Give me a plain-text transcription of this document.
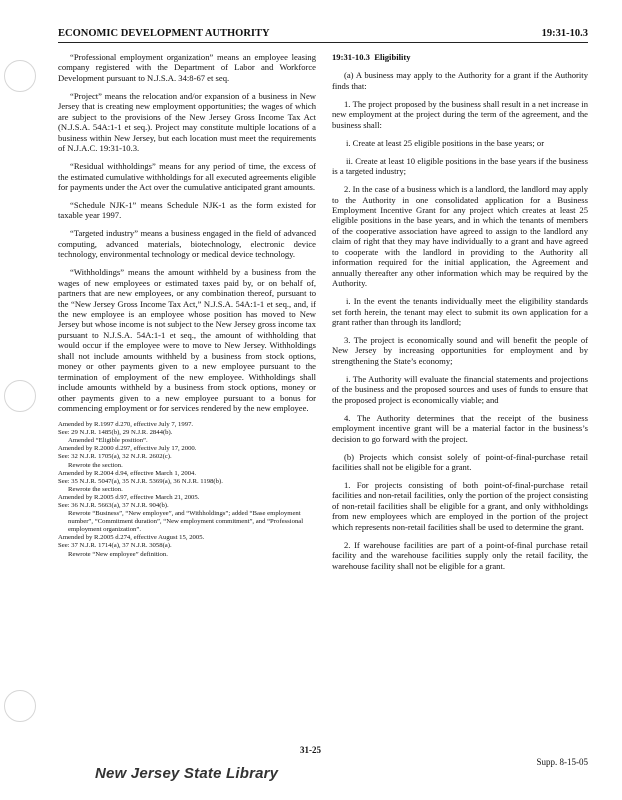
ECONOMIC DEVELOPMENT AUTHORITY	19:31-10.3

“Professional employment organization” means an employee leasing company registered with the Department of Labor and Workforce Development pursuant to N.J.S.A. 34:8-67 et seq.

“Project” means the relocation and/or expansion of a business in New Jersey that is creating new employment opportunities; the wages of which are subject to the provisions of the New Jersey Gross Income Tax Act (N.J.S.A. 54A:1-1 et seq.). Project may constitute multiple locations of a business within New Jersey, but each location must meet the requirements of N.J.A.C. 19:31-10.3.

“Residual withholdings” means for any period of time, the excess of the estimated cumulative withholdings for all executed agreements eligible for payments under the Act over the cumulative anticipated grant amounts.

“Schedule NJK-1” means Schedule NJK-1 as the form existed for taxable year 1997.

“Targeted industry” means a business engaged in the field of advanced computing, advanced materials, biotechnology, electronic device technology, environmental technology or medical device technology.

“Withholdings” means the amount withheld by a business from the wages of new employees or estimated taxes paid by, or on behalf of, partners that are new employees, or any combination thereof, pursuant to the “New Jersey Gross Income Tax Act,” N.J.S.A. 54A:1-1 et seq., and, if the new employee is an employee whose position has moved to New Jersey but whose income is not subject to the New Jersey gross income tax pursuant to N.J.S.A. 54A:1-1 et seq., the amount of withholding that would occur if the employee were to move to New Jersey. Withholdings shall not include amounts withheld by a business from stock options, money or other payments given to a new employee pursuant to the termination of employment of the new employee. Withholdings shall include amounts withheld by a business from stock options, money or other payments given to a new employee pursuant to a bonus for commencing employment or for services rendered by the new employee.

Amended by R.1997 d.270, effective July 7, 1997.
See: 29 N.J.R. 1485(b), 29 N.J.R. 2844(b).
Amended “Eligible position”.
Amended by R.2000 d.297, effective July 17, 2000.
See: 32 N.J.R. 1705(a), 32 N.J.R. 2602(c).
Rewrote the section.
Amended by R.2004 d.94, effective March 1, 2004.
See: 35 N.J.R. 5047(a), 35 N.J.R. 5369(a), 36 N.J.R. 1198(b).
Rewrote the section.
Amended by R.2005 d.97, effective March 21, 2005.
See: 36 N.J.R. 5663(a), 37 N.J.R. 904(b).
Rewrote “Business”, “New employee”, and “Withholdings”; added “Base employment number”, “Commitment duration”, “New employment commitment”, and “Professional employment organization”.
Amended by R.2005 d.274, effective August 15, 2005.
See: 37 N.J.R. 1714(a), 37 N.J.R. 3058(a).
Rewrote “New employee” definition.

19:31-10.3 Eligibility

(a) A business may apply to the Authority for a grant if the Authority finds that:

1. The project proposed by the business shall result in a net increase in new employment at the project during the term of the agreement, and the business shall:

i. Create at least 25 eligible positions in the base years; or

ii. Create at least 10 eligible positions in the base years if the business is a targeted industry;

2. In the case of a business which is a landlord, the landlord may apply to the Authority in one consolidated application for a Business Employment Incentive Grant for any project which creates at least 25 eligible positions in the base years, and in which the tenants of members of the cooperative association have agreed to assign to the landlord any claim of right that they may have individually to a grant and have agreed to cooperate with the landlord in providing to the Authority all information required for the initial application, the Agreement and annually thereafter any other information which may be required by the Authority.

i. In the event the tenants individually meet the eligibility standards set forth herein, the tenant may elect to submit its own application for a grant rather than through its landlord;

3. The project is economically sound and will benefit the people of New Jersey by increasing opportunities for employment and by strengthening the State’s economy;

i. The Authority will evaluate the financial statements and projections of the business and the proposed sources and uses of funds to ensure that the proposed project is economically viable; and

4. The Authority determines that the receipt of the business employment incentive grant will be a material factor in the business’s decision to go forward with the project.

(b) Projects which consist solely of point-of-final-purchase retail facilities shall not be eligible for a grant.

1. For projects consisting of both point-of-final-purchase retail facilities and non-retail facilities, only the portion of the project consisting of non-retail facilities shall be eligible for a grant, and only withholdings from new employees which are employed in the portion of the project which represents non-retail facilities shall be used to determine the grant.

2. If warehouse facilities are part of a point-of-final purchase retail facility and the warehouse facilities supply only the retail facility, the warehouse facility shall not be eligible for a grant.

31-25
Supp. 8-15-05
New Jersey State Library
